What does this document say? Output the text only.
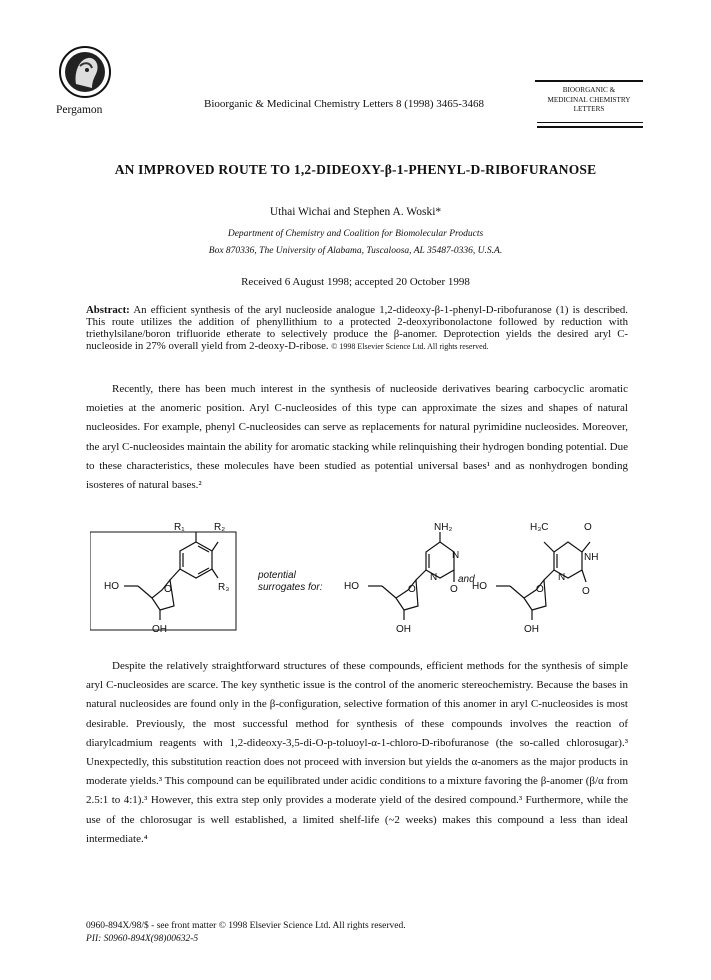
Pergamon	Bioorganic & Medicinal Chemistry Letters 8 (1998) 3465-3468
BIOORGANIC &
MEDICINAL CHEMISTRY
LETTERS
AN IMPROVED ROUTE TO 1,2-DIDEOXY-β-1-PHENYL-D-RIBOFURANOSE
Uthai Wichai and Stephen A. Woski*
Department of Chemistry and Coalition for Biomolecular Products
Box 870336, The University of Alabama, Tuscaloosa, AL 35487-0336, U.S.A.
Received 6 August 1998; accepted 20 October 1998
Abstract: An efficient synthesis of the aryl nucleoside analogue 1,2-dideoxy-β-1-phenyl-D-ribofuranose (1) is described. This route utilizes the addition of phenyllithium to a protected 2-deoxyribonolactone followed by reduction with triethylsilane/boron trifluoride etherate to selectively produce the β-anomer. Deprotection yields the desired aryl C-nucleoside in 27% overall yield from 2-deoxy-D-ribose. © 1998 Elsevier Science Ltd. All rights reserved.
Recently, there has been much interest in the synthesis of nucleoside derivatives bearing carbocyclic aromatic moieties at the anomeric position. Aryl C-nucleosides of this type can approximate the sizes and shapes of natural nucleosides. For example, phenyl C-nucleosides can serve as replacements for natural pyrimidine nucleosides. Moreover, the aryl C-nucleosides maintain the ability for aromatic stacking while relinquishing their hydrogen bonding potential. Due to these characteristics, these molecules have been studied as potential universal bases¹ and as nonhydrogen bonding isosteres of natural bases.²
R₁	R₂
R₃
HO	O
OH
potential
surrogates for:
NH₂
N
N
O
HO	O
OH
and
H₃C	O
NH
N
O
HO	O
OH
Despite the relatively straightforward structures of these compounds, efficient methods for the synthesis of simple aryl C-nucleosides are scarce. The key synthetic issue is the control of the anomeric stereochemistry. Because the bases in natural nucleosides are found only in the β-configuration, selective formation of this anomer in aryl C-nucleosides is most desirable. Previously, the most successful method for synthesis of these compounds involves the reaction of diarylcadmium reagents with 1,2-dideoxy-3,5-di-O-p-toluoyl-α-1-chloro-D-ribofuranose (the so-called chlorosugar).³ Unexpectedly, this substitution reaction does not proceed with inversion but yields the α-anomers as the major products in moderate yields.³ This compound can be equilibrated under acidic conditions to a mixture favoring the β-anomer (β/α from 2.5:1 to 4:1).³ However, this extra step only provides a moderate yield of the desired compound.³ Furthermore, while the use of the chlorosugar is well established, a limited shelf-life (~2 weeks) makes this compound a less than ideal intermediate.⁴
0960-894X/98/$ - see front matter © 1998 Elsevier Science Ltd. All rights reserved.
PII: S0960-894X(98)00632-5
